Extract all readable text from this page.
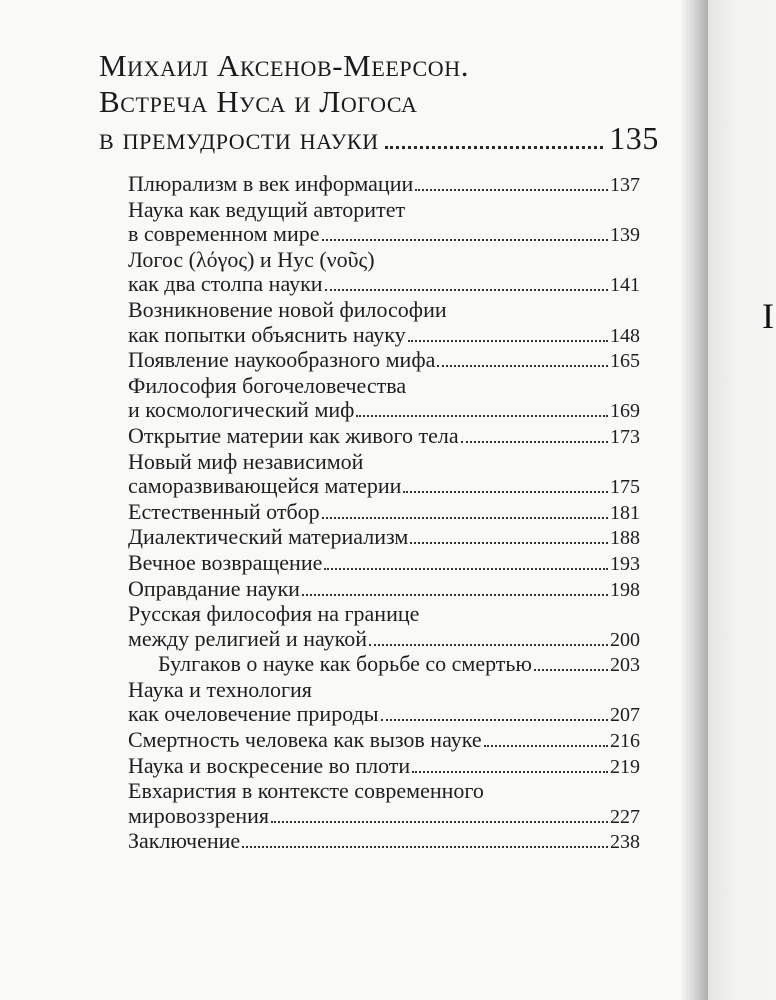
Михаил Аксенов-Меерсон.
Встреча Нуса и Логоса
в премудрости науки	135
Плюрализм в век информации	137
Наука как ведущий авторитет
в современном мире	139
Логос (λόγος) и Нус (νοῦς)
как два столпа науки	141
Возникновение новой философии
как попытки объяснить науку	148
Появление наукообразного мифа	165
Философия богочеловечества
и космологический миф	169
Открытие материи как живого тела	173
Новый миф независимой
саморазвивающейся материи	175
Естественный отбор	181
Диалектический материализм	188
Вечное возвращение	193
Оправдание науки	198
Русская философия на границе
между религией и наукой	200
Булгаков о науке как борьбе со смертью	203
Наука и технология
как очеловечение природы	207
Смертность человека как вызов науке	216
Наука и воскресение во плоти	219
Евхаристия в контексте современного
мировоззрения	227
Заключение	238
I
